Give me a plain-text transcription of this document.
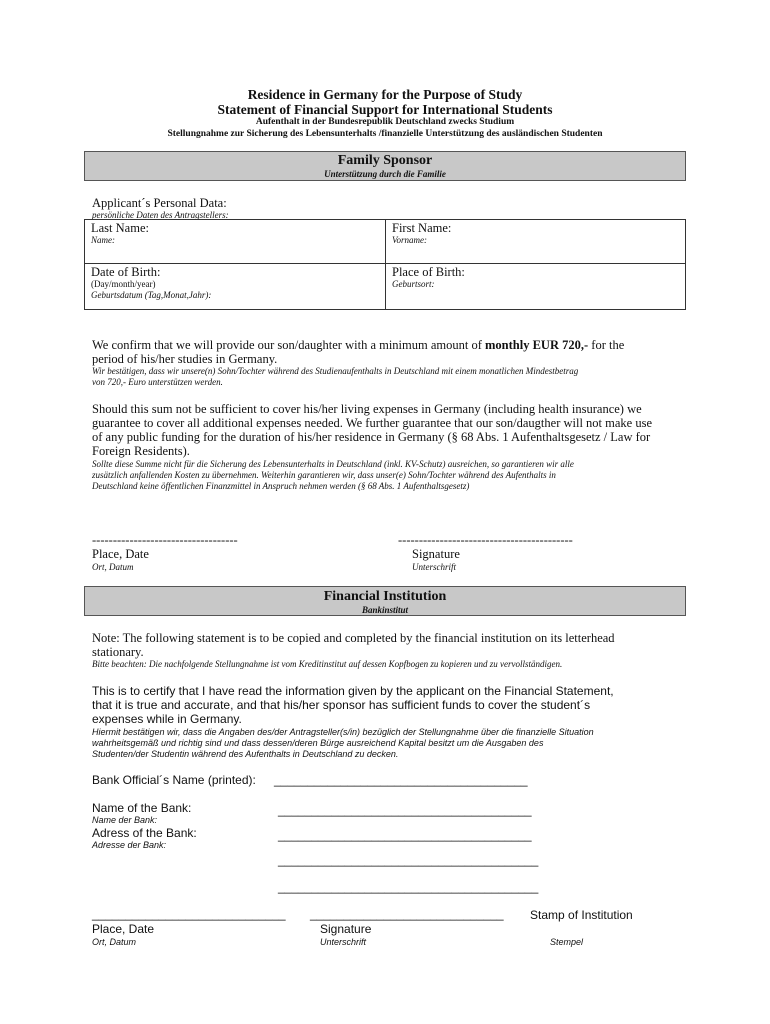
Residence in Germany for the Purpose of Study
Statement of Financial Support for International Students
Aufenthalt in der Bundesrepublik Deutschland zwecks Studium
Stellungnahme zur Sicherung des Lebensunterhalts /finanzielle Unterstützung des ausländischen Studenten
Family Sponsor
Unterstützung durch die Familie
Applicant´s Personal Data:
persönliche Daten des Antragstellers:
Last Name:
Name:
First Name:
Vorname:
Date of Birth:
(Day/month/year)
Geburtsdatum (Tag,Monat,Jahr):
Place of Birth:
Geburtsort:
We confirm that we will provide our son/daughter with a minimum amount of monthly EUR 720,- for the
period of his/her studies in Germany.
Wir bestätigen, dass wir unsere(n) Sohn/Tochter während des Studienaufenthalts in Deutschland mit einem monatlichen Mindestbetrag
von 720,- Euro unterstützen werden.
Should this sum not be sufficient to cover his/her living expenses in Germany (including health insurance) we
guarantee to cover all additional expenses needed. We further guarantee that our son/daugther will not make use
of any public funding for the duration of his/her residence in Germany (§ 68 Abs. 1 Aufenthaltsgesetz / Law for
Foreign Residents).
Sollte diese Summe nicht für die Sicherung des Lebensunterhalts in Deutschland (inkl. KV-Schutz) ausreichen, so garantieren wir alle
zusätzlich anfallenden Kosten zu übernehmen. Weiterhin garantieren wir, dass unser(e) Sohn/Tochter während des Aufenthalts in
Deutschland keine öffentlichen Finanzmittel in Anspruch nehmen werden (§ 68 Abs. 1 Aufenthaltsgesetz)
-----------------------------------	------------------------------------------
Place, Date	Signature
Ort, Datum	Unterschrift
Financial Institution
Bankinstitut
Note: The following statement is to be copied and completed by the financial institution on its letterhead
stationary.
Bitte beachten: Die nachfolgende Stellungnahme ist vom Kreditinstitut auf dessen Kopfbogen zu kopieren und zu vervollständigen.
This is to certify that I have read the information given by the applicant on the Financial Statement,
that it is true and accurate, and that his/her sponsor has sufficient funds to cover the student´s
expenses while in Germany.
Hiermit bestätigen wir, dass die Angaben des/der Antragsteller(s/in) bezüglich der Stellungnahme über die finanzielle Situation
wahrheitsgemäß und richtig sind und dass dessen/deren Bürge ausreichend Kapital besitzt um die Ausgaben des
Studenten/der Studentin während des Aufenthalts in Deutschland zu decken.
Bank Official´s Name (printed): ______________________________________
Name of the Bank:
Name der Bank:
______________________________________
Adress of the Bank:
Adresse der Bank:
______________________________________
_______________________________________
_______________________________________
_____________________________ _____________________________ Stamp of Institution
Place, Date	Signature
Ort, Datum	Unterschrift	Stempel
